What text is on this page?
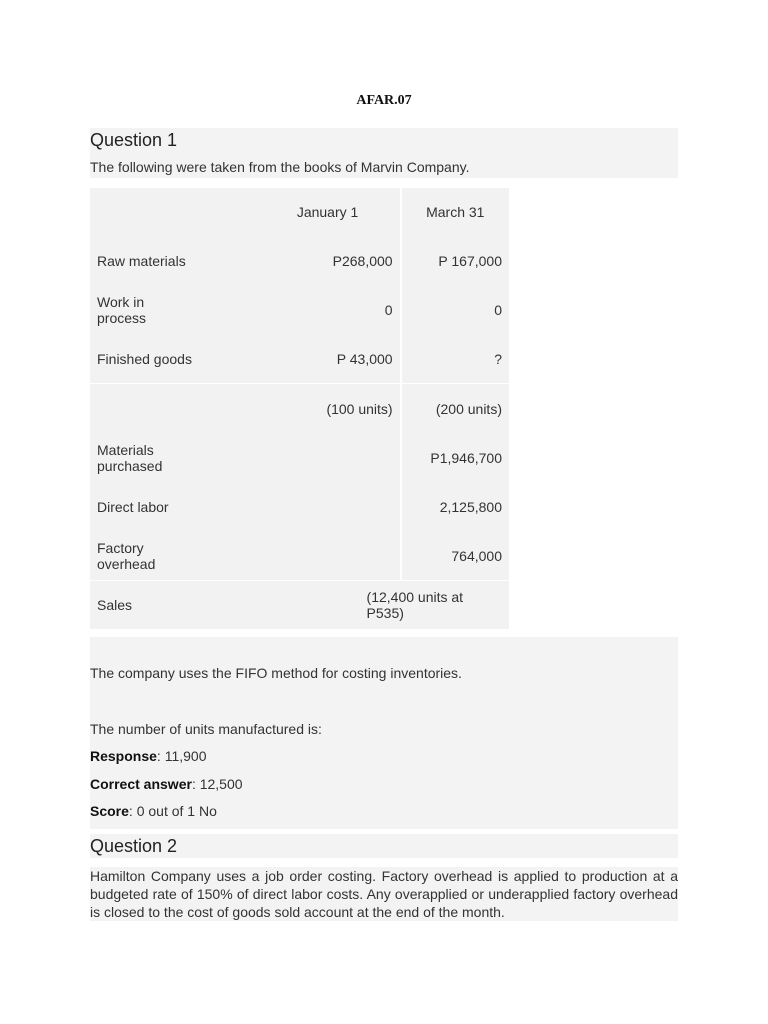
AFAR.07
Question 1
The following were taken from the books of Marvin Company.
	January 1	March 31
Raw materials	P268,000	P 167,000
Work in process	0	0
Finished goods	P 43,000	?
	(100 units)	(200 units)
Materials purchased		P1,946,700
Direct labor		2,125,800
Factory overhead		764,000
Sales	(12,400 units at P535)	

The company uses the FIFO method for costing inventories.

The number of units manufactured is:

Response: 11,900

Correct answer: 12,500

Score: 0 out of 1 No

Question 2
Hamilton Company uses a job order costing. Factory overhead is applied to production at a budgeted rate of 150% of direct labor costs. Any overapplied or underapplied factory overhead is closed to the cost of goods sold account at the end of the month.
